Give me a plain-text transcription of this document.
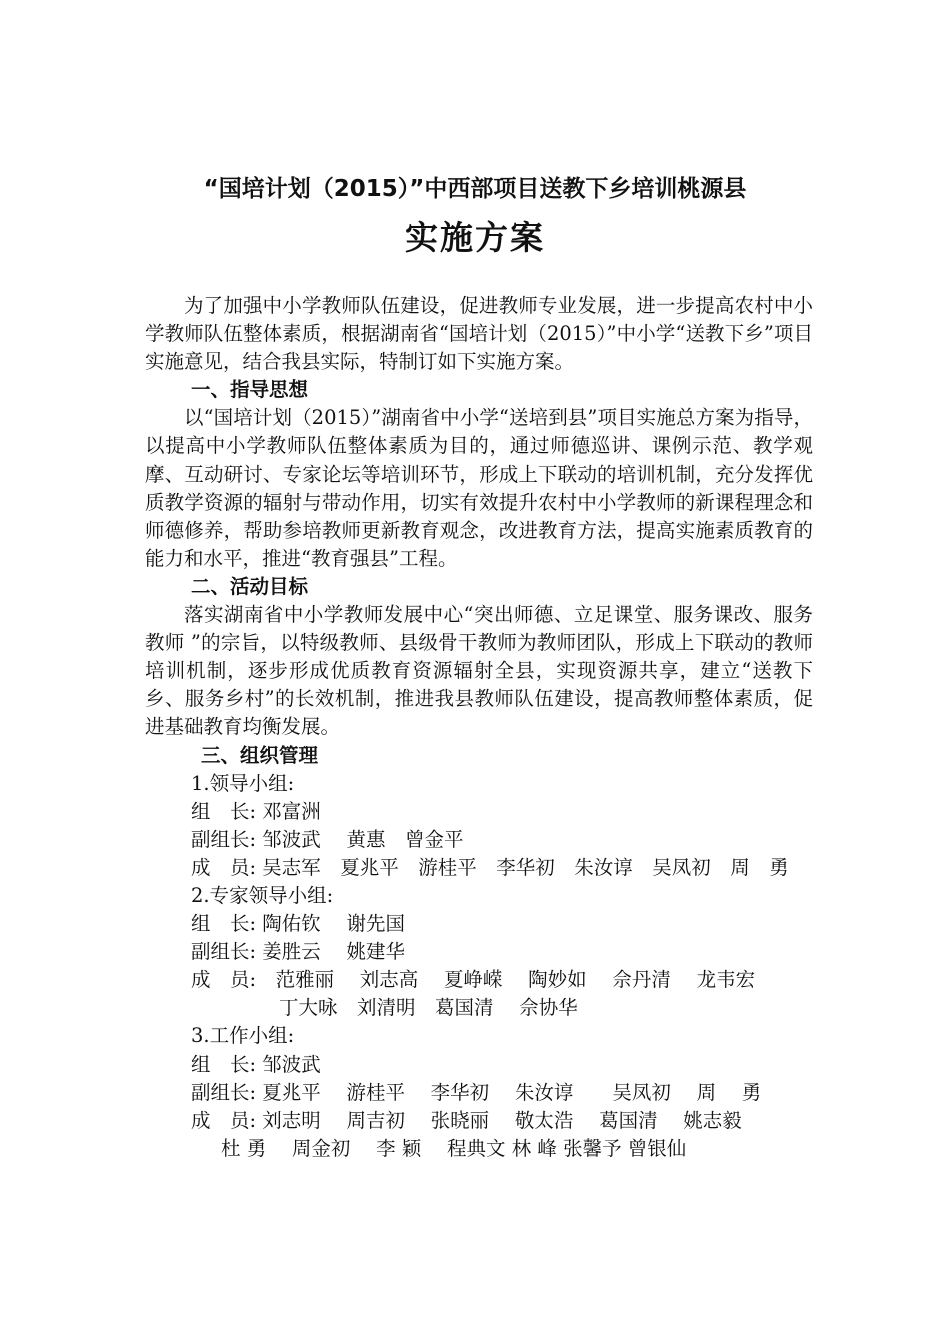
“国培计划（2015）”中西部项目送教下乡培训桃源县
实施方案

为了加强中小学教师队伍建设，促进教师专业发展，进一步提高农村中小学教师队伍整体素质，根据湖南省“国培计划（2015）”中小学“送教下乡”项目实施意见，结合我县实际，特制订如下实施方案。

一、指导思想

以“国培计划（2015）”湖南省中小学“送培到县”项目实施总方案为指导，以提高中小学教师队伍整体素质为目的，通过师德巡讲、课例示范、教学观摩、互动研讨、专家论坛等培训环节，形成上下联动的培训机制，充分发挥优质教学资源的辐射与带动作用，切实有效提升农村中小学教师的新课程理念和师德修养，帮助参培教师更新教育观念，改进教育方法，提高实施素质教育的能力和水平，推进“教育强县”工程。

二、活动目标

落实湖南省中小学教师发展中心“突出师德、立足课堂、服务课改、服务教师 ”的宗旨，以特级教师、县级骨干教师为教师团队，形成上下联动的教师培训机制，逐步形成优质教育资源辐射全县，实现资源共享，建立“送教下乡、服务乡村”的长效机制，推进我县教师队伍建设，提高教师整体素质，促进基础教育均衡发展。

三、组织管理

1.领导小组:

组　长: 邓富洲

副组长: 邹波武　 黄惠　曾金平

成　员: 吴志军　夏兆平　游桂平　李华初　朱汝谆　吴凤初　周　勇

2.专家领导小组:

组　长: 陶佑钦　 谢先国

副组长: 姜胜云　 姚建华

成　员:　范雅丽　 刘志高　 夏峥嵘　 陶妙如　 佘丹清　 龙韦宏

丁大咏　刘清明　葛国清　 佘协华

3.工作小组:

组　长: 邹波武

副组长: 夏兆平　 游桂平　 李华初　 朱汝谆　　吴凤初　 周　 勇

成　员: 刘志明　 周吉初　 张晓丽　 敬太浩　 葛国清　 姚志毅

杜 勇　 周金初　 李 颖　 程典文 林 峰 张馨予 曾银仙
